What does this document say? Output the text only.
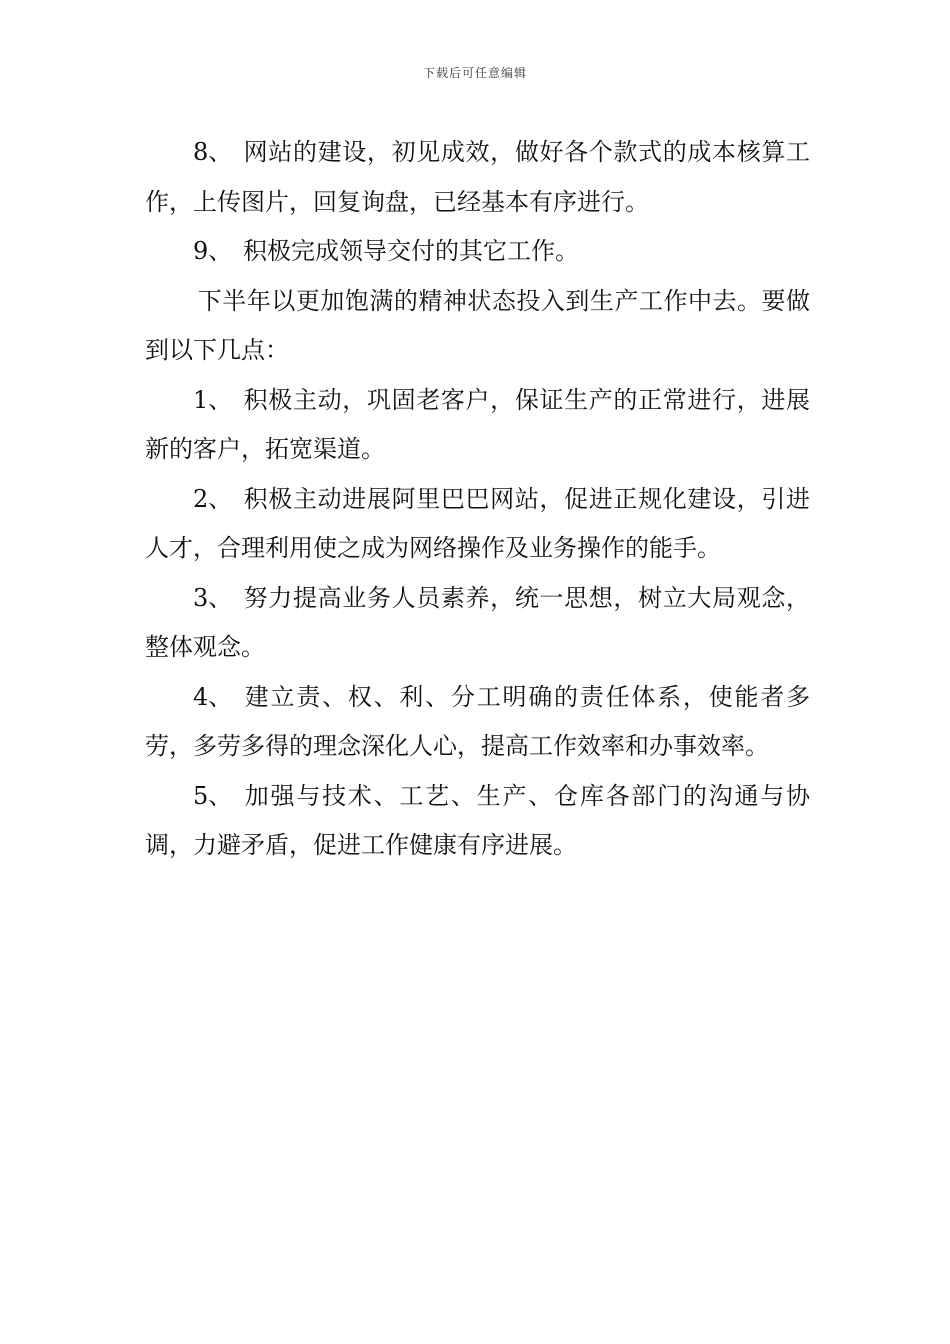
下载后可任意编辑

8、 网站的建设，初见成效，做好各个款式的成本核算工作，上传图片，回复询盘，已经基本有序进行。

9、 积极完成领导交付的其它工作。

下半年以更加饱满的精神状态投入到生产工作中去。要做到以下几点：

1、 积极主动，巩固老客户，保证生产的正常进行，进展新的客户，拓宽渠道。

2、 积极主动进展阿里巴巴网站，促进正规化建设，引进人才，合理利用使之成为网络操作及业务操作的能手。

3、 努力提高业务人员素养，统一思想，树立大局观念，整体观念。

4、 建立责、权、利、分工明确的责任体系，使能者多劳，多劳多得的理念深化人心，提高工作效率和办事效率。

5、 加强与技术、工艺、生产、仓库各部门的沟通与协调，力避矛盾，促进工作健康有序进展。
